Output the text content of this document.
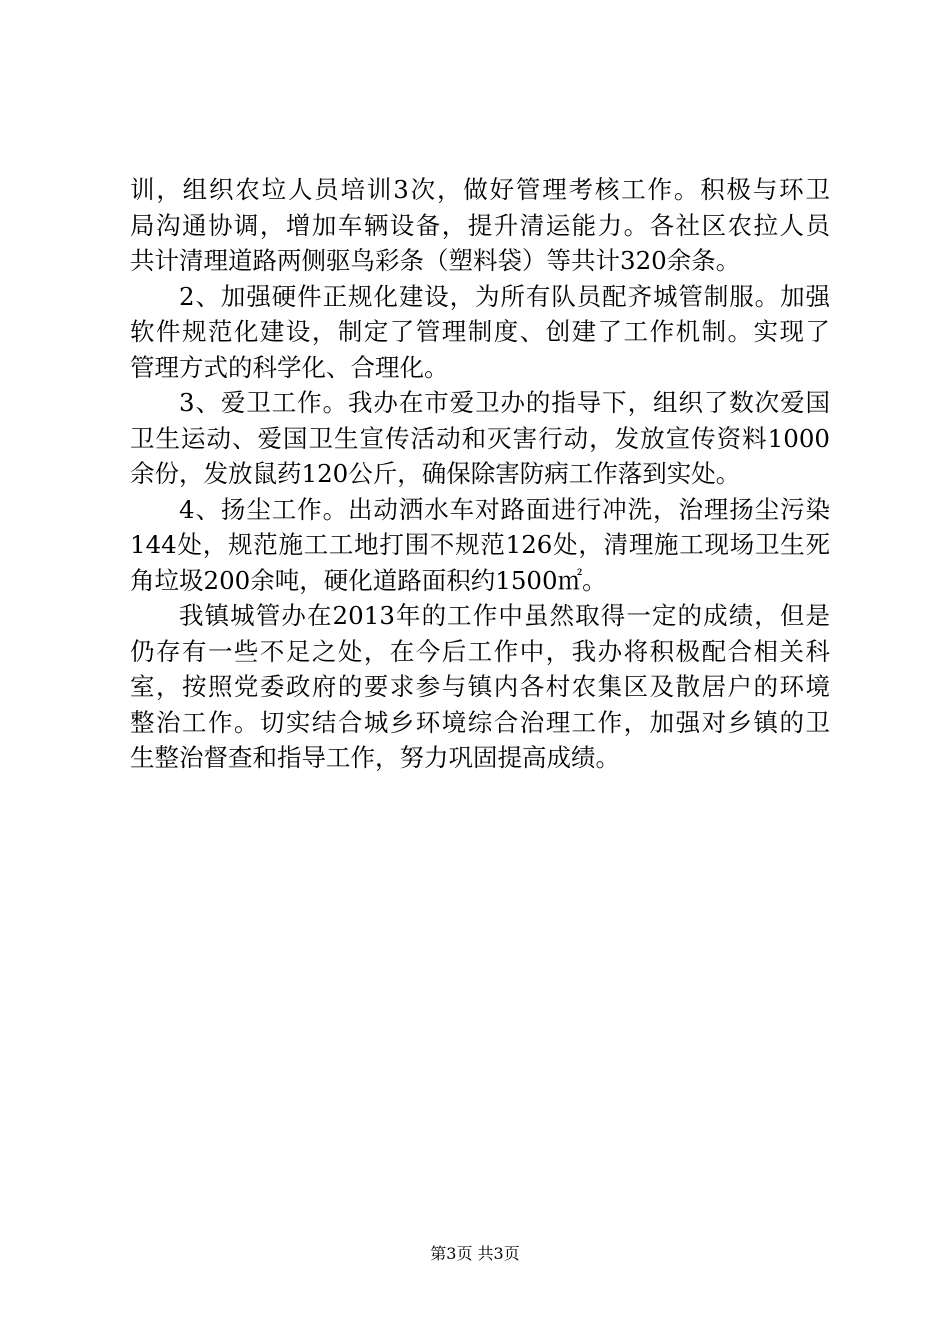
训，组织农垃人员培训3次，做好管理考核工作。积极与环卫
局沟通协调，增加车辆设备，提升清运能力。各社区农拉人员
共计清理道路两侧驱鸟彩条（塑料袋）等共计320余条。
2、加强硬件正规化建设，为所有队员配齐城管制服。加强
软件规范化建设，制定了管理制度、创建了工作机制。实现了
管理方式的科学化、合理化。
3、爱卫工作。我办在市爱卫办的指导下，组织了数次爱国
卫生运动、爱国卫生宣传活动和灭害行动，发放宣传资料1000
余份，发放鼠药120公斤，确保除害防病工作落到实处。
4、扬尘工作。出动洒水车对路面进行冲洗，治理扬尘污染
144处，规范施工工地打围不规范126处，清理施工现场卫生死
角垃圾200余吨，硬化道路面积约1500㎡。
我镇城管办在2013年的工作中虽然取得一定的成绩，但是
仍存有一些不足之处，在今后工作中，我办将积极配合相关科
室，按照党委政府的要求参与镇内各村农集区及散居户的环境
整治工作。切实结合城乡环境综合治理工作，加强对乡镇的卫
生整治督查和指导工作，努力巩固提高成绩。
第3页 共3页
